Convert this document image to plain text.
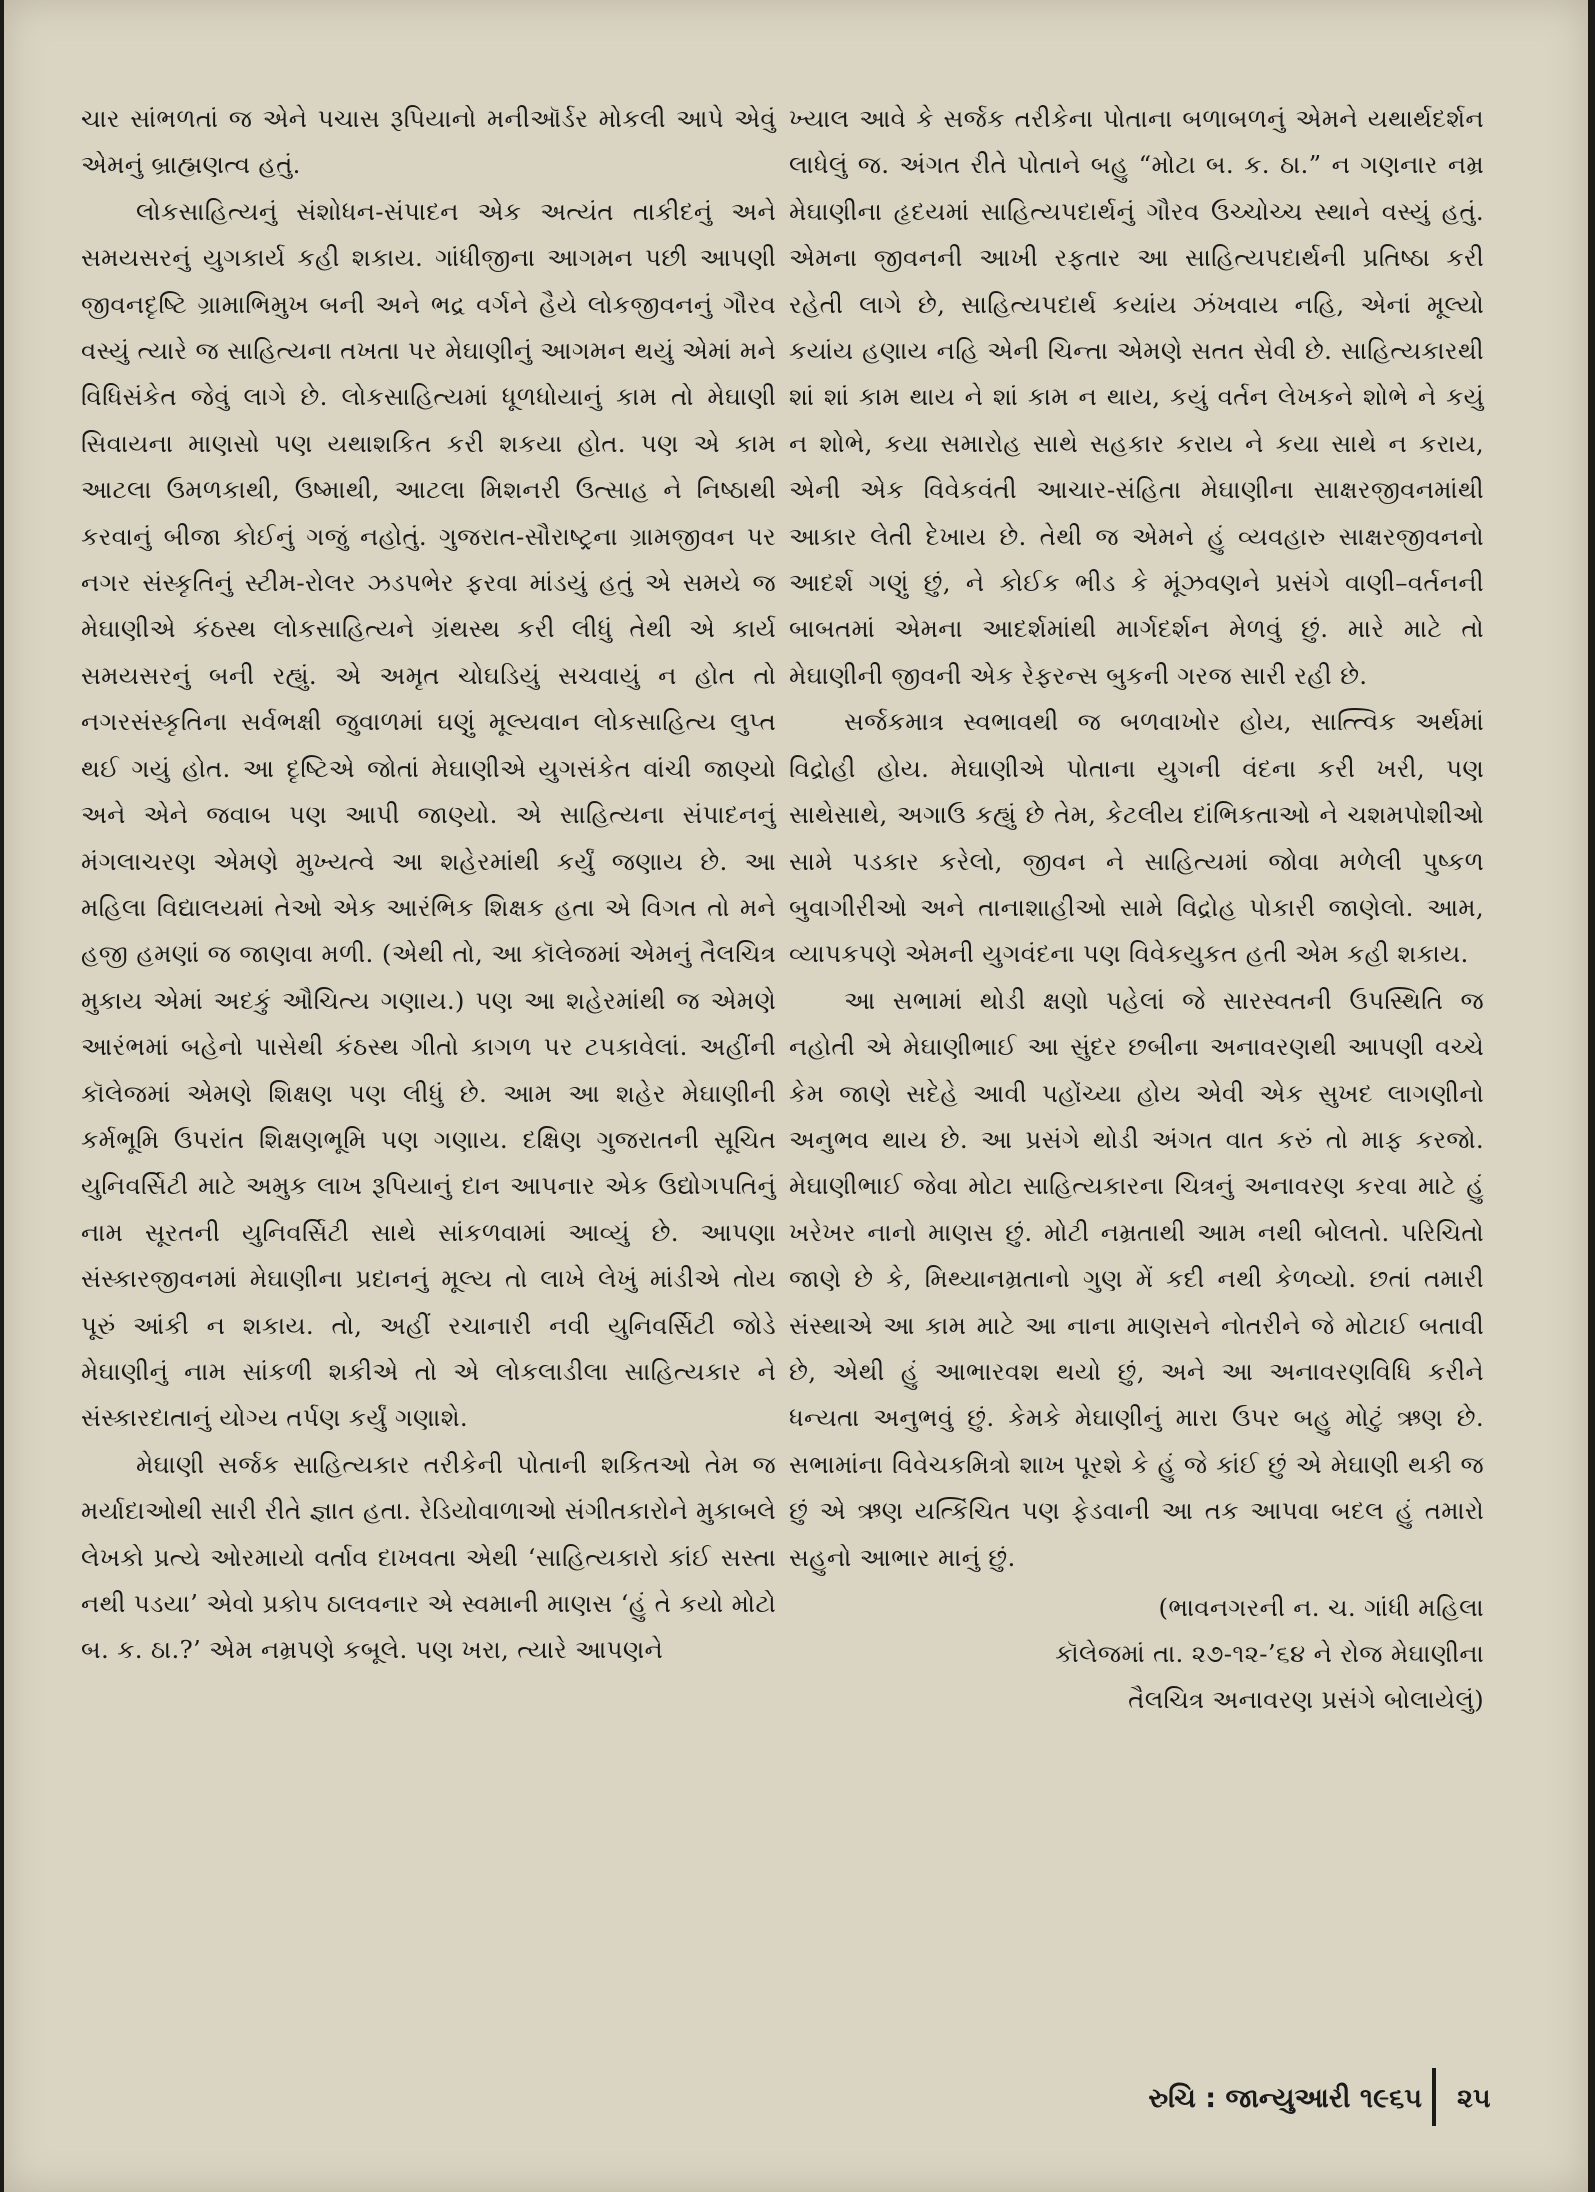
ચાર સાંભળતાં જ એને પચાસ રૂપિયાનો મનીઑર્ડર મોકલી આપે એવું એમનું બ્રાહ્મણત્વ હતું.

લોકસાહિત્યનું સંશોધન-સંપાદન એક અત્યંત તાકીદનું અને સમયસરનું યુગકાર્ય કહી શકાય. ગાંધીજીના આગમન પછી આપણી જીવનદૃષ્ટિ ગ્રામાભિમુખ બની અને ભદ્ર વર્ગને હૈયે લોકજીવનનું ગૌરવ વસ્યું ત્યારે જ સાહિત્યના તખતા પર મેઘાણીનું આગમન થયું એમાં મને વિધિસંકેત જેવું લાગે છે. લોકસાહિત્યમાં ધૂળધોયાનું કામ તો મેઘાણી સિવાયના માણસો પણ યથાશકિત કરી શકયા હોત. પણ એ કામ આટલા ઉમળકાથી, ઉષ્માથી, આટલા મિશનરી ઉત્સાહ ને નિષ્ઠાથી કરવાનું બીજા કોઈનું ગજું નહોતું. ગુજરાત-સૌરાષ્ટ્રના ગ્રામજીવન પર નગર સંસ્કૃતિનું સ્ટીમ-રોલર ઝડપભેર ફરવા માંડયું હતું એ સમયે જ મેઘાણીએ કંઠસ્થ લોકસાહિત્યને ગ્રંથસ્થ કરી લીધું તેથી એ કાર્ય સમયસરનું બની રહ્યું. એ અમૃત ચોઘડિયું સચવાયું ન હોત તો નગરસંસ્કૃતિના સર્વભક્ષી જુવાળમાં ઘણું મૂલ્યવાન લોકસાહિત્ય લુપ્ત થઈ ગયું હોત. આ દૃષ્ટિએ જોતાં મેઘાણીએ યુગસંકેત વાંચી જાણ્યો અને એને જવાબ પણ આપી જાણ્યો. એ સાહિત્યના સંપાદનનું મંગલાચરણ એમણે મુખ્યત્વે આ શહેરમાંથી કર્યું જણાય છે. આ મહિલા વિદ્યાલયમાં તેઓ એક આરંભિક શિક્ષક હતા એ વિગત તો મને હજી હમણાં જ જાણવા મળી. (એથી તો, આ કૉલેજમાં એમનું તૈલચિત્ર મુકાય એમાં અદકું ઔચિત્ય ગણાય.) પણ આ શહેરમાંથી જ એમણે આરંભમાં બહેનો પાસેથી કંઠસ્થ ગીતો કાગળ પર ટપકાવેલાં. અહીંની કૉલેજમાં એમણે શિક્ષણ પણ લીધું છે. આમ આ શહેર મેઘાણીની કર્મભૂમિ ઉપરાંત શિક્ષણભૂમિ પણ ગણાય. દક્ષિણ ગુજરાતની સૂચિત યુનિવર્સિટી માટે અમુક લાખ રૂપિયાનું દાન આપનાર એક ઉદ્યોગપતિનું નામ સૂરતની યુનિવર્સિટી સાથે સાંકળવામાં આવ્યું છે. આપણા સંસ્કારજીવનમાં મેઘાણીના પ્રદાનનું મૂલ્ય તો લાખે લેખું માંડીએ તોય પૂરું આંકી ન શકાય. તો, અહીં રચાનારી નવી યુનિવર્સિટી જોડે મેઘાણીનું નામ સાંકળી શકીએ તો એ લોકલાડીલા સાહિત્યકાર ને સંસ્કારદાતાનું યોગ્ય તર્પણ કર્યું ગણાશે.

મેઘાણી સર્જક સાહિત્યકાર તરીકેની પોતાની શકિતઓ તેમ જ મર્યાદાઓથી સારી રીતે જ્ઞાત હતા. રેડિયોવાળાઓ સંગીતકારોને મુકાબલે લેખકો પ્રત્યે ઓરમાયો વર્તાવ દાખવતા એથી ‘સાહિત્યકારો કાંઈ સસ્તા નથી પડયા’ એવો પ્રકોપ ઠાલવનાર એ સ્વમાની માણસ ‘હું તે કયો મોટો બ. ક. ઠા.?’ એમ નમ્રપણે કબૂલે. પણ ખરા, ત્યારે આપણને

ખ્યાલ આવે કે સર્જક તરીકેના પોતાના બળાબળનું એમને યથાર્થદર્શન લાધેલું જ. અંગત રીતે પોતાને બહુ “મોટા બ. ક. ઠા.” ન ગણનાર નમ્ર મેઘાણીના હૃદયમાં સાહિત્યપદાર્થનું ગૌરવ ઉચ્ચોચ્ચ સ્થાને વસ્યું હતું. એમના જીવનની આખી રફતાર આ સાહિત્યપદાર્થની પ્રતિષ્ઠા કરી રહેતી લાગે છે, સાહિત્યપદાર્થ કયાંય ઝંખવાય નહિ, એનાં મૂલ્યો કયાંય હણાય નહિ એની ચિન્તા એમણે સતત સેવી છે. સાહિત્યકારથી શાં શાં કામ થાય ને શાં કામ ન થાય, કયું વર્તન લેખકને શોભે ને કયું ન શોભે, કયા સમારોહ સાથે સહકાર કરાય ને કયા સાથે ન કરાય, એની એક વિવેકવંતી આચાર-સંહિતા મેઘાણીના સાક્ષરજીવનમાંથી આકાર લેતી દેખાય છે. તેથી જ એમને હું વ્યવહારુ સાક્ષરજીવનનો આદર્શ ગણું છું, ને કોઈક ભીડ કે મૂંઝવણને પ્રસંગે વાણી–વર્તનની બાબતમાં એમના આદર્શમાંથી માર્ગદર્શન મેળવું છું. મારે માટે તો મેઘાણીની જીવની એક રેફરન્સ બુકની ગરજ સારી રહી છે.

સર્જકમાત્ર સ્વભાવથી જ બળવાખોર હોય, સાત્ત્વિક અર્થમાં વિદ્રોહી હોય. મેઘાણીએ પોતાના યુગની વંદના કરી ખરી, પણ સાથેસાથે, અગાઉ કહ્યું છે તેમ, કેટલીય દાંભિકતાઓ ને ચશમપોશીઓ સામે પડકાર કરેલો, જીવન ને સાહિત્યમાં જોવા મળેલી પુષ્કળ બુવાગીરીઓ અને તાનાશાહીઓ સામે વિદ્રોહ પોકારી જાણેલો. આમ, વ્યાપકપણે એમની યુગવંદના પણ વિવેકયુકત હતી એમ કહી શકાય.

આ સભામાં થોડી ક્ષણો પહેલાં જે સારસ્વતની ઉપસ્થિતિ જ નહોતી એ મેઘાણીભાઈ આ સુંદર છબીના અનાવરણથી આપણી વચ્ચે કેમ જાણે સદેહે આવી પહોંચ્યા હોય એવી એક સુખદ લાગણીનો અનુભવ થાય છે. આ પ્રસંગે થોડી અંગત વાત કરું તો માફ કરજો. મેઘાણીભાઈ જેવા મોટા સાહિત્યકારના ચિત્રનું અનાવરણ કરવા માટે હું ખરેખર નાનો માણસ છું. મોટી નમ્રતાથી આમ નથી બોલતો. પરિચિતો જાણે છે કે, મિથ્યાનમ્રતાનો ગુણ મેં કદી નથી કેળવ્યો. છતાં તમારી સંસ્થાએ આ કામ માટે આ નાના માણસને નોતરીને જે મોટાઈ બતાવી છે, એથી હું આભારવશ થયો છું, અને આ અનાવરણવિધિ કરીને ધન્યતા અનુભવું છું. કેમકે મેઘાણીનું મારા ઉપર બહુ મોટું ઋણ છે. સભામાંના વિવેચકમિત્રો શાખ પૂરશે કે હું જે કાંઈ છું એ મેઘાણી થકી જ છું એ ઋણ યત્કિંચિત પણ ફેડવાની આ તક આપવા બદલ હું તમારો સહુનો આભાર માનું છું.

(ભાવનગરની ન. ચ. ગાંધી મહિલા
કૉલેજમાં તા. ૨૭-૧૨-’૬૪ ને રોજ મેઘાણીના
તૈલચિત્ર અનાવરણ પ્રસંગે બોલાયેલું)

રુચિ : જાન્યુઆરી ૧૯૬૫ ૨૫
